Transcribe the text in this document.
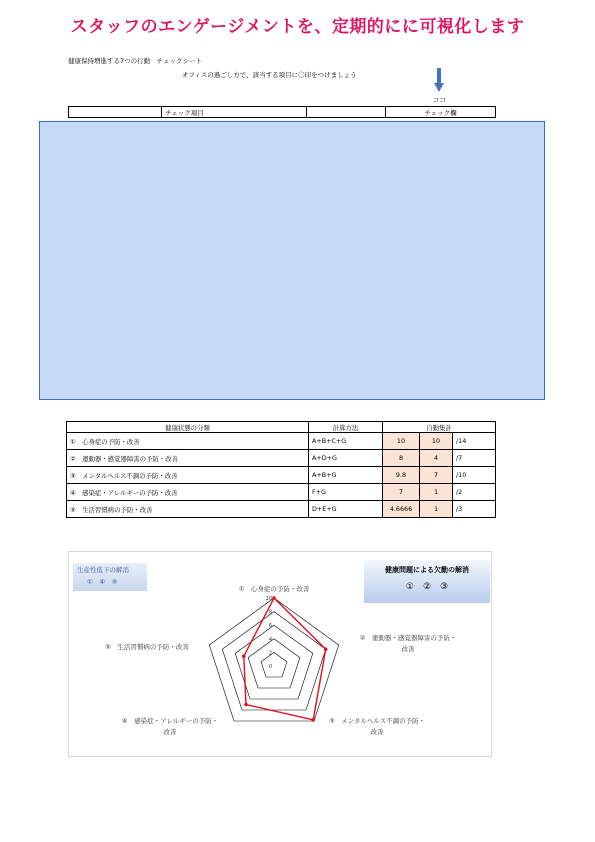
スタッフのエンゲージメントを、定期的にに可視化します
健康保持増進する7つの行動　チェックシート
オフィスの過ごし方で、該当する項目に〇印をつけましょう
ココ
	チェック項目		チェック欄
健康状態の分類	計算方法	自動集計		
①　心身症の予防・改善	A+B+C+G	10	10	/14
②　運動器・感覚器障害の予防・改善	A+D+G	8	4	/7
③　メンタルヘルス不調の予防・改善	A+B+G	9.8	7	/10
④　感染症・アレルギーの予防・改善	F+G	7	1	/2
⑤　生活習慣病の予防・改善	D+E+G	4.6666	1	/3
0
2
4
6
8
10
①　心身症の予防・改善
②　運動器・感覚器障害の予防・
改善
③　メンタルヘルス不調の予防・
改善
④　感染症・アレルギーの予防・
改善
⑤　生活習慣病の予防・改善
生産性低下の解消
①　④　⑤
健康問題による欠勤の解消
①　②　③
